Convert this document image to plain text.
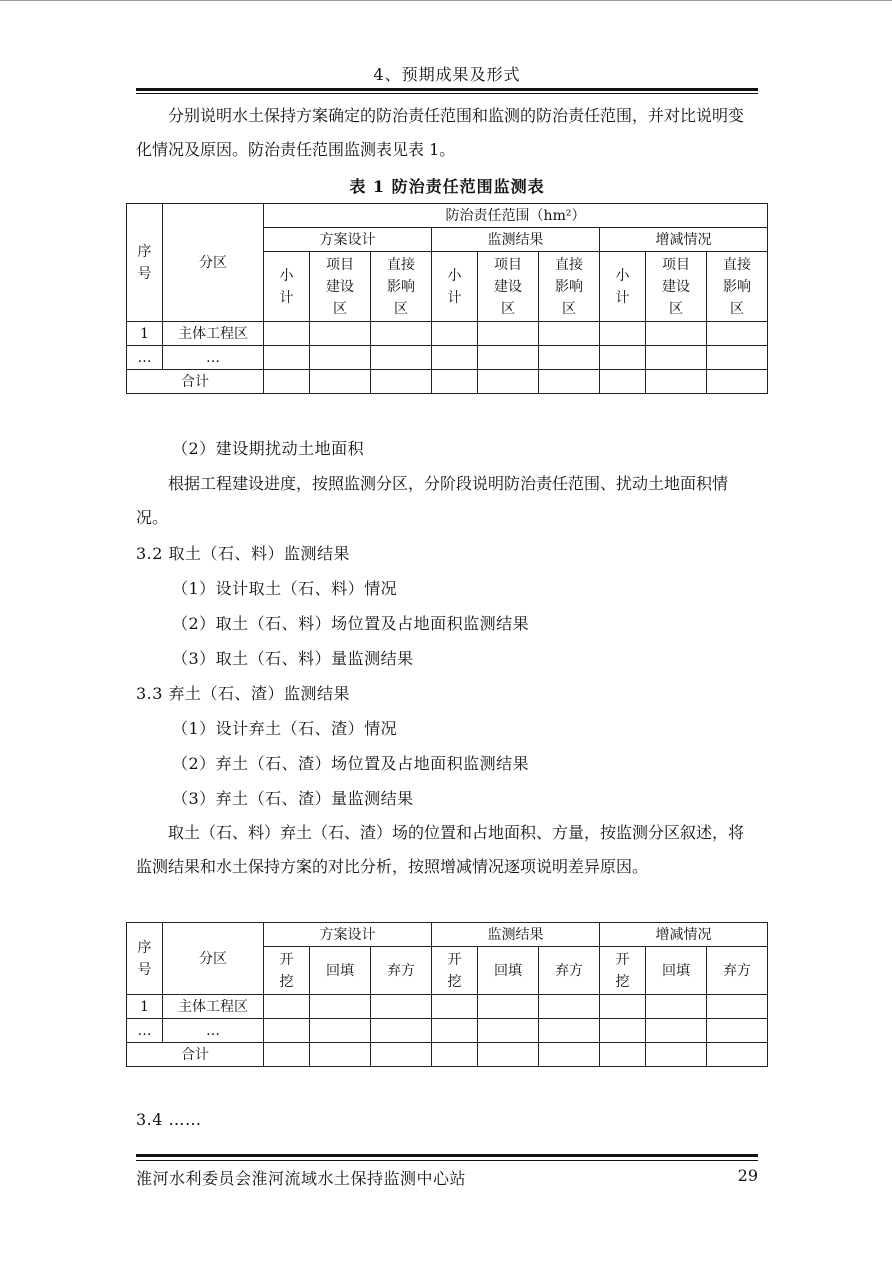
4、预期成果及形式
分别说明水土保持方案确定的防治责任范围和监测的防治责任范围，并对比说明变化情况及原因。防治责任范围监测表见表 1。
表 1 防治责任范围监测表
序号	分区	防治责任范围（hm²）								
		方案设计			监测结果			增减情况		
		小计	项目建设区	直接影响区	小计	项目建设区	直接影响区	小计	项目建设区	直接影响区
1	主体工程区									
…	…									
合计										
（2）建设期扰动土地面积
根据工程建设进度，按照监测分区，分阶段说明防治责任范围、扰动土地面积情况。
3.2 取土（石、料）监测结果
（1）设计取土（石、料）情况
（2）取土（石、料）场位置及占地面积监测结果
（3）取土（石、料）量监测结果
3.3 弃土（石、渣）监测结果
（1）设计弃土（石、渣）情况
（2）弃土（石、渣）场位置及占地面积监测结果
（3）弃土（石、渣）量监测结果
取土（石、料）弃土（石、渣）场的位置和占地面积、方量，按监测分区叙述，将监测结果和水土保持方案的对比分析，按照增减情况逐项说明差异原因。
序号	分区	方案设计			监测结果			增减情况		
		开挖	回填	弃方	开挖	回填	弃方	开挖	回填	弃方
1	主体工程区									
…	…									
合计										
3.4 ……
淮河水利委员会淮河流域水土保持监测中心站	29
